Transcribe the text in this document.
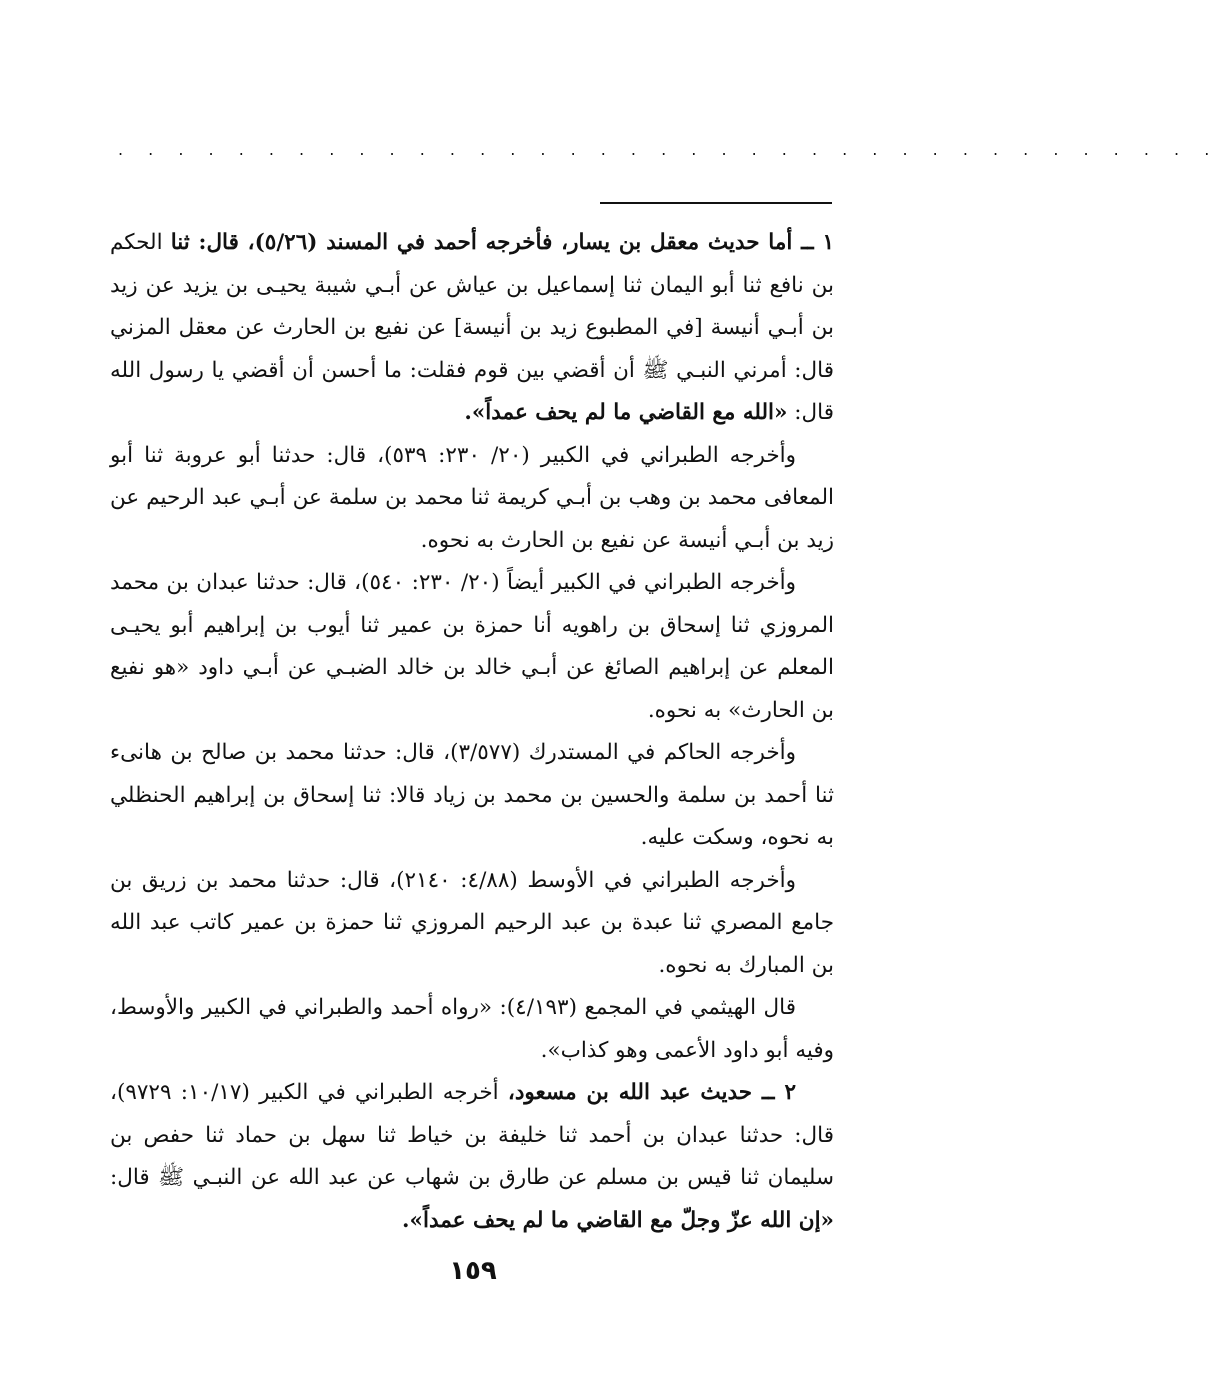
. . . . . . . . . . . . . . . . . . . . . . . . . . . . . . . . . . . . .

١ ــ أما حديث معقل بن يسار، فأخرجه أحمد في المسند (٥/٢٦)، قال: ثنا الحكم بن نافع ثنا أبو اليمان ثنا إسماعيل بن عياش عن أبـي شيبة يحيـى بن يزيد عن زيد بن أبـي أنيسة [في المطبوع زيد بن أنيسة] عن نفيع بن الحارث عن معقل المزني قال: أمرني النبـي ﷺ أن أقضي بين قوم فقلت: ما أحسن أن أقضي يا رسول الله قال: «الله مع القاضي ما لم يحف عمداً».

وأخرجه الطبراني في الكبير (٢٠/ ٢٣٠: ٥٣٩)، قال: حدثنا أبو عروبة ثنا أبو المعافى محمد بن وهب بن أبـي كريمة ثنا محمد بن سلمة عن أبـي عبد الرحيم عن زيد بن أبـي أنيسة عن نفيع بن الحارث به نحوه.

وأخرجه الطبراني في الكبير أيضاً (٢٠/ ٢٣٠: ٥٤٠)، قال: حدثنا عبدان بن محمد المروزي ثنا إسحاق بن راهويه أنا حمزة بن عمير ثنا أيوب بن إبراهيم أبو يحيـى المعلم عن إبراهيم الصائغ عن أبـي خالد بن خالد الضبـي عن أبـي داود «هو نفيع بن الحارث» به نحوه.

وأخرجه الحاكم في المستدرك (٣/٥٧٧)، قال: حدثنا محمد بن صالح بن هانىء ثنا أحمد بن سلمة والحسين بن محمد بن زياد قالا: ثنا إسحاق بن إبراهيم الحنظلي به نحوه، وسكت عليه.

وأخرجه الطبراني في الأوسط (٤/٨٨: ٢١٤٠)، قال: حدثنا محمد بن زريق بن جامع المصري ثنا عبدة بن عبد الرحيم المروزي ثنا حمزة بن عمير كاتب عبد الله بن المبارك به نحوه.

قال الهيثمي في المجمع (٤/١٩٣): «رواه أحمد والطبراني في الكبير والأوسط، وفيه أبو داود الأعمى وهو كذاب».

٢ ــ حديث عبد الله بن مسعود، أخرجه الطبراني في الكبير (١٠/١٧: ٩٧٢٩)، قال: حدثنا عبدان بن أحمد ثنا خليفة بن خياط ثنا سهل بن حماد ثنا حفص بن سليمان ثنا قيس بن مسلم عن طارق بن شهاب عن عبد الله عن النبـي ﷺ قال: «إن الله عزّ وجلّ مع القاضي ما لم يحف عمداً».

١٥٩
